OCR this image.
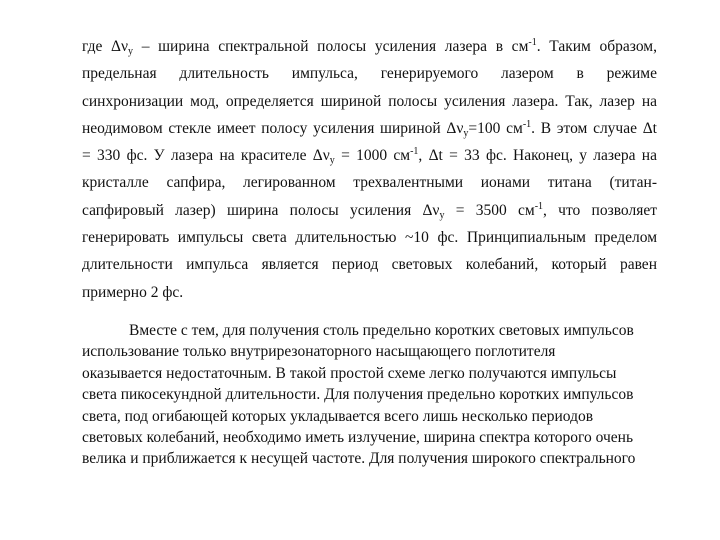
где $\Delta\nu_у$ – ширина спектральной полосы усиления лазера в $см^{-1}$. Таким образом,
предельная длительность импульса, генерируемого лазером в режиме
синхронизации мод, определяется шириной полосы усиления лазера. Так, лазер на
неодимовом стекле имеет полосу усиления шириной $\Delta\nu_у=100$ $см^{-1}$. В этом случае Δt
= 330 фс. У лазера на красителе $\Delta\nu_у = 1000$ $см^{-1}$, Δt = 33 фс. Наконец, у лазера на
кристалле сапфира, легированном трехвалентными ионами титана (титан-
сапфировый лазер) ширина полосы усиления $\Delta\nu_у = 3500$ $см^{-1}$, что позволяет
генерировать импульсы света длительностью ~10 фс. Принципиальным пределом
длительности импульса является период световых колебаний, который равен
примерно 2 фс.
Вместе с тем, для получения столь предельно коротких световых импульсов
использование только внутрирезонаторного насыщающего поглотителя
оказывается недостаточным. В такой простой схеме легко получаются импульсы
света пикосекундной длительности. Для получения предельно коротких импульсов
света, под огибающей которых укладывается всего лишь несколько периодов
световых колебаний, необходимо иметь излучение, ширина спектра которого очень
велика и приближается к несущей частоте. Для получения широкого спектрального
